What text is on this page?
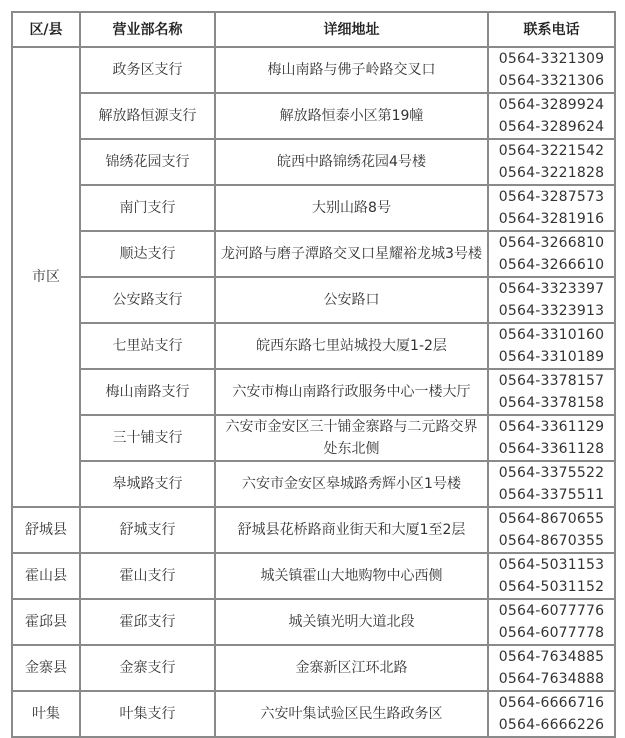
区/县	营业部名称	详细地址	联系电话
市区	政务区支行	梅山南路与佛子岭路交叉口	0564-3321309
0564-3321306

	解放路恒源支行	解放路恒泰小区第19幢	0564-3289924
0564-3289624

	锦绣花园支行	皖西中路锦绣花园4号楼	0564-3221542
0564-3221828

	南门支行	大别山路8号	0564-3287573
0564-3281916

	顺达支行	龙河路与磨子潭路交叉口星耀裕龙城3号楼	0564-3266810
0564-3266610

	公安路支行	公安路口	0564-3323397
0564-3323913

	七里站支行	皖西东路七里站城投大厦1-2层	0564-3310160
0564-3310189

	梅山南路支行	六安市梅山南路行政服务中心一楼大厅	0564-3378157
0564-3378158

	三十铺支行	六安市金安区三十铺金寨路与二元路交界处东北侧	0564-3361129
0564-3361128

	皋城路支行	六安市金安区皋城路秀辉小区1号楼	0564-3375522
0564-3375511

舒城县	舒城支行	舒城县花桥路商业街天和大厦1至2层	0564-8670655
0564-8670355

霍山县	霍山支行	城关镇霍山大地购物中心西侧	0564-5031153
0564-5031152

霍邱县	霍邱支行	城关镇光明大道北段	0564-6077776
0564-6077778

金寨县	金寨支行	金寨新区江环北路	0564-7634885
0564-7634888

叶集	叶集支行	六安叶集试验区民生路政务区	0564-6666716
0564-6666226
